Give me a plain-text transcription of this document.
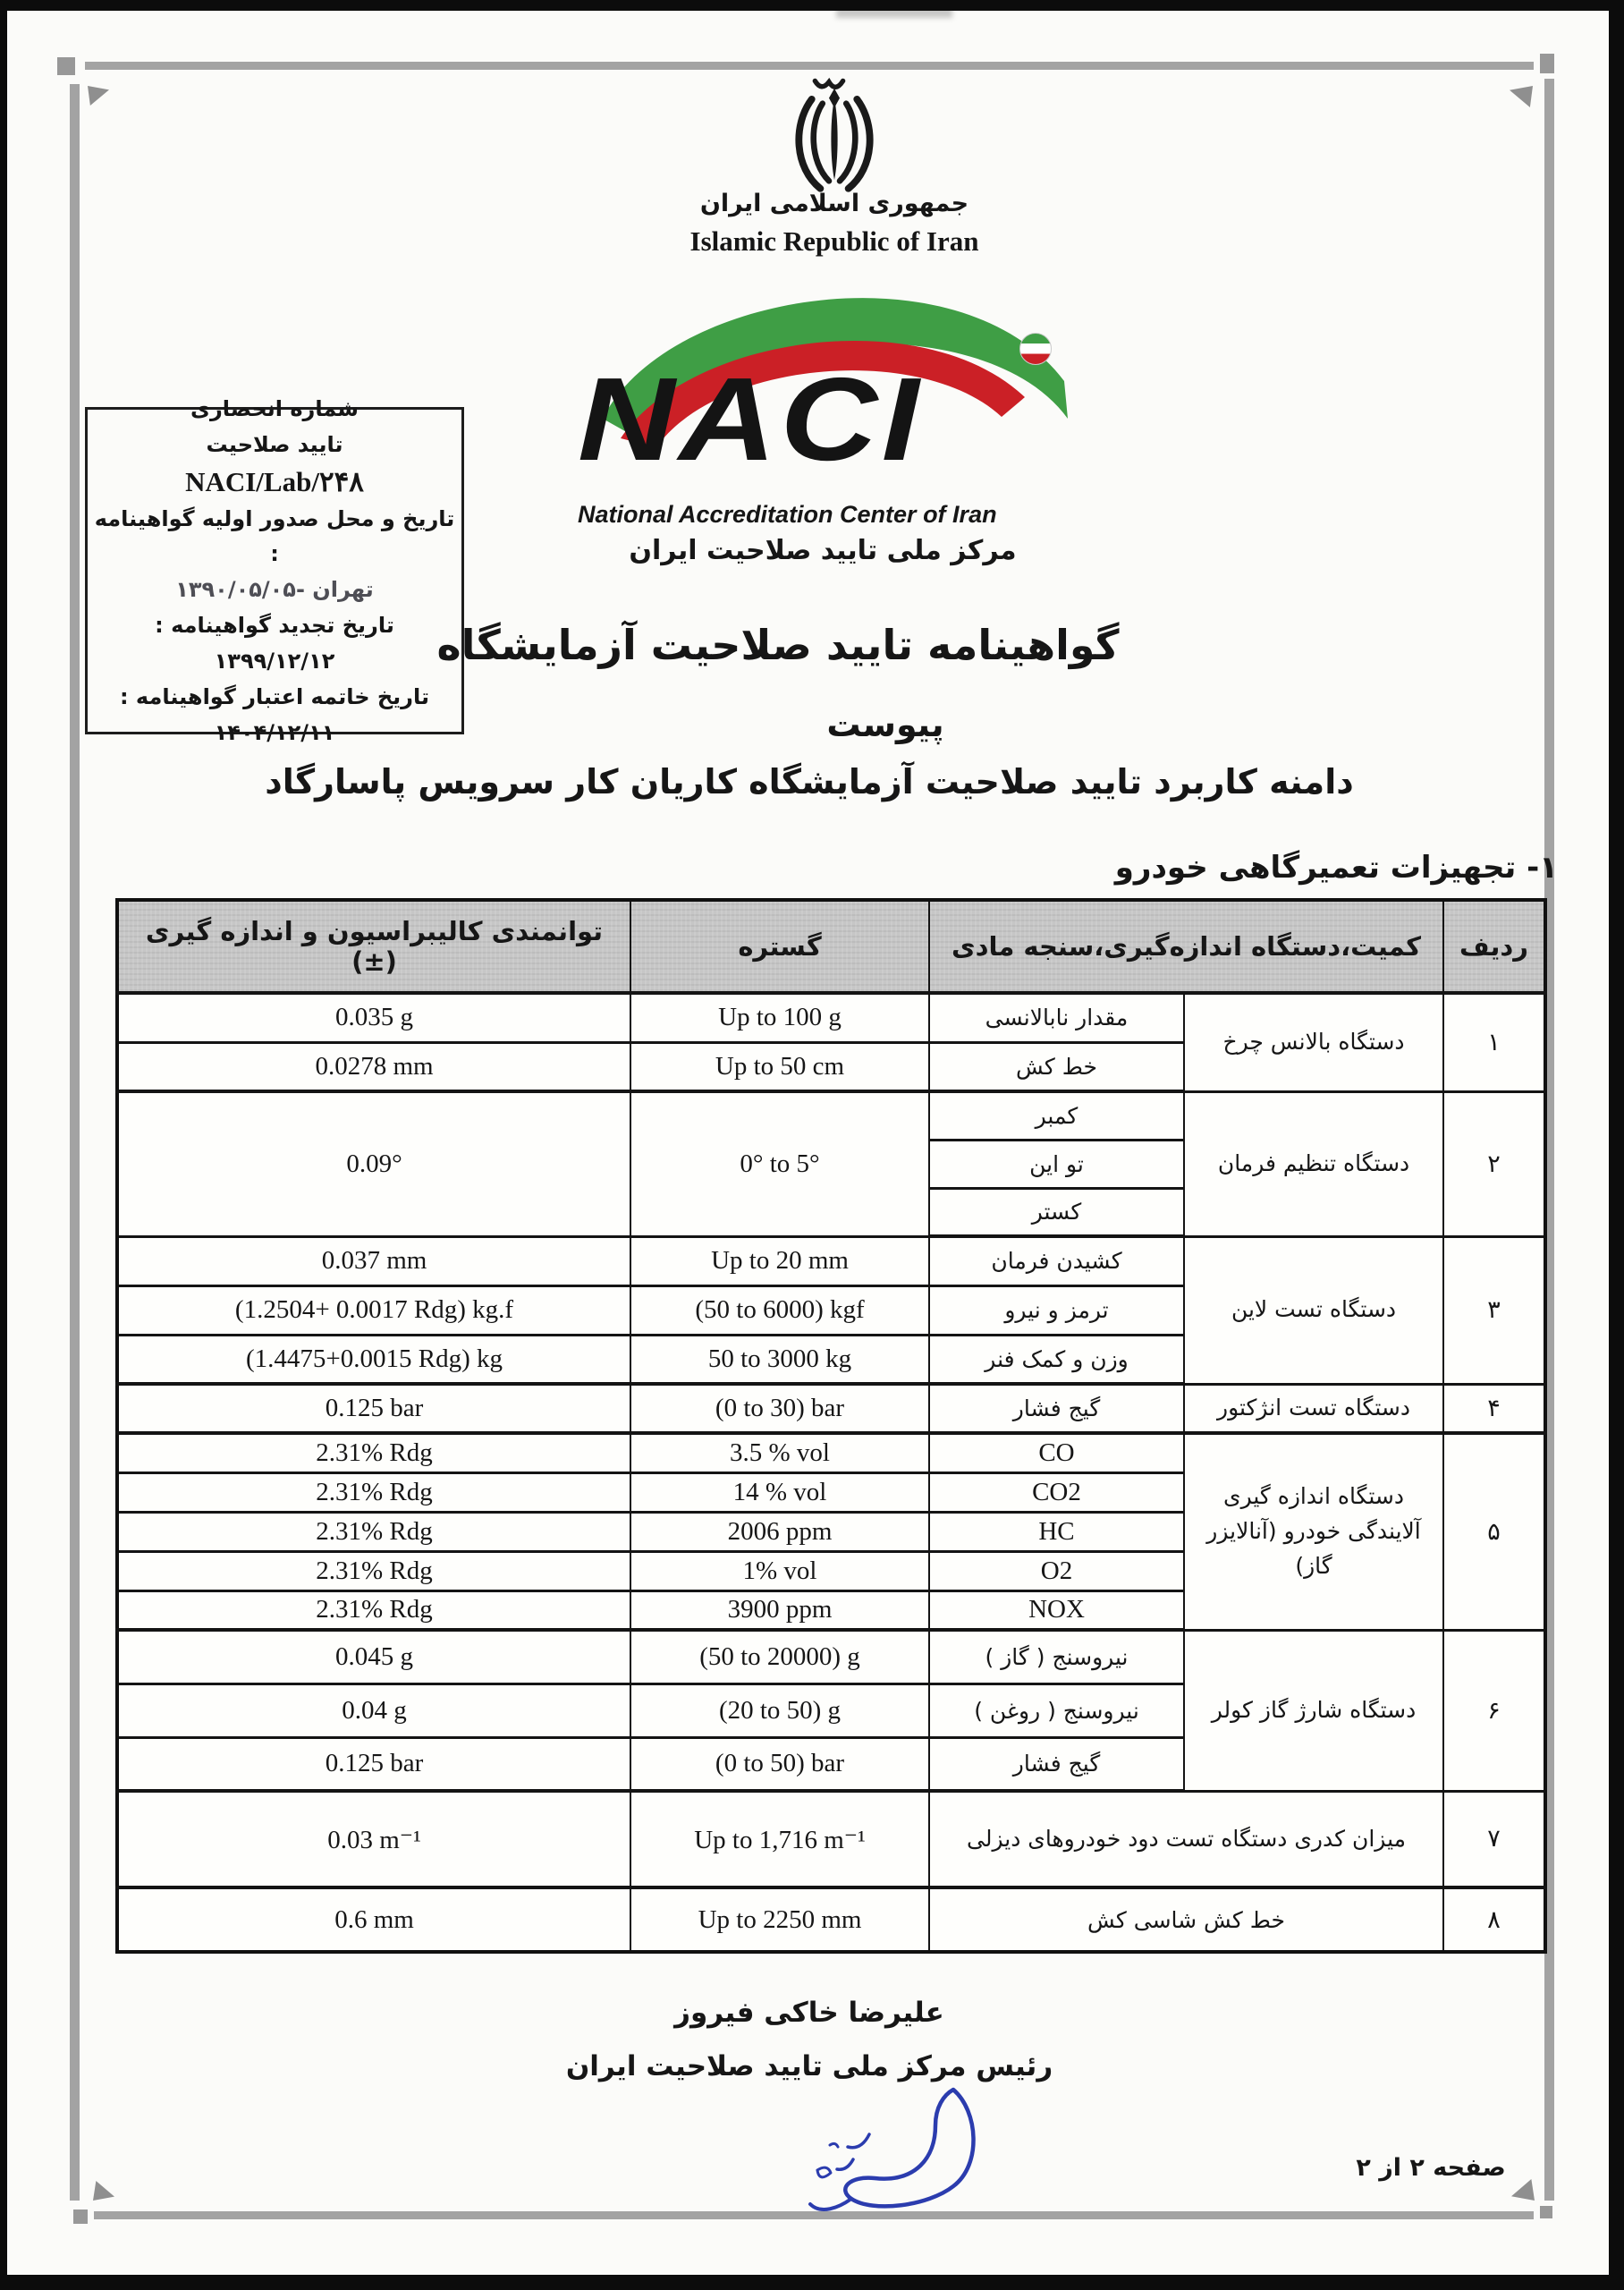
جمهوری اسلامی ایران
Islamic Republic of Iran
NACI
National Accreditation Center of Iran
مرکز ملی تایید صلاحیت ایران
شماره انحصاری
تایید صلاحیت
NACI/Lab/۲۴۸
تاریخ و محل صدور اولیه گواهینامه :
۱۳۹۰/۰۵/۰۵- تهران
تاریخ تجدید گواهینامه :
۱۳۹۹/۱۲/۱۲
تاریخ خاتمه اعتبار گواهینامه :
۱۴۰۴/۱۲/۱۱
گواهینامه تایید صلاحیت آزمایشگاه
پیوست
دامنه کاربرد تایید صلاحیت آزمایشگاه کاریان کار سرویس پاسارگاد
۱- تجهیزات تعمیرگاهی خودرو
ردیف	کمیت،دستگاه اندازه‌گیری،سنجه مادی		گستره	توانمندی کالیبراسیون و اندازه گیری (±)
۱	دستگاه بالانس چرخ	مقدار نابالانسی	Up to 100 g	0.035 g
		خط کش	Up to 50 cm	0.0278 mm
۲	دستگاه تنظیم فرمان	کمبر	0° to 5°	0.09°
		تو این		
		کستر		
۳	دستگاه تست لاین	کشیدن فرمان	Up to 20 mm	0.037 mm
		ترمز و نیرو	(50 to 6000) kgf	(1.2504+ 0.0017 Rdg) kg.f
		وزن و کمک فنر	50 to 3000 kg	(1.4475+0.0015 Rdg) kg
۴	دستگاه تست انژکتور	گیج فشار	(0 to 30) bar	0.125 bar
۵	دستگاه اندازه گیری آلایندگی خودرو (آنالایزر گاز)	CO	3.5 % vol	2.31% Rdg
		CO2	14 % vol	2.31% Rdg
		HC	2006 ppm	2.31% Rdg
		O2	1% vol	2.31% Rdg
		NOX	3900 ppm	2.31% Rdg
۶	دستگاه شارژ گاز کولر	نیروسنج ( گاز )	(50 to 20000) g	0.045 g
		نیروسنج ( روغن )	(20 to 50) g	0.04 g
		گیج فشار	(0 to 50) bar	0.125 bar
۷	میزان کدری دستگاه تست دود خودروهای دیزلی		Up to 1,716 m⁻¹	0.03 m⁻¹
۸	خط کش شاسی کش		Up to 2250 mm	0.6 mm
علیرضا خاکی فیروز
رئیس مرکز ملی تایید صلاحیت ایران
صفحه ۲ از ۲
